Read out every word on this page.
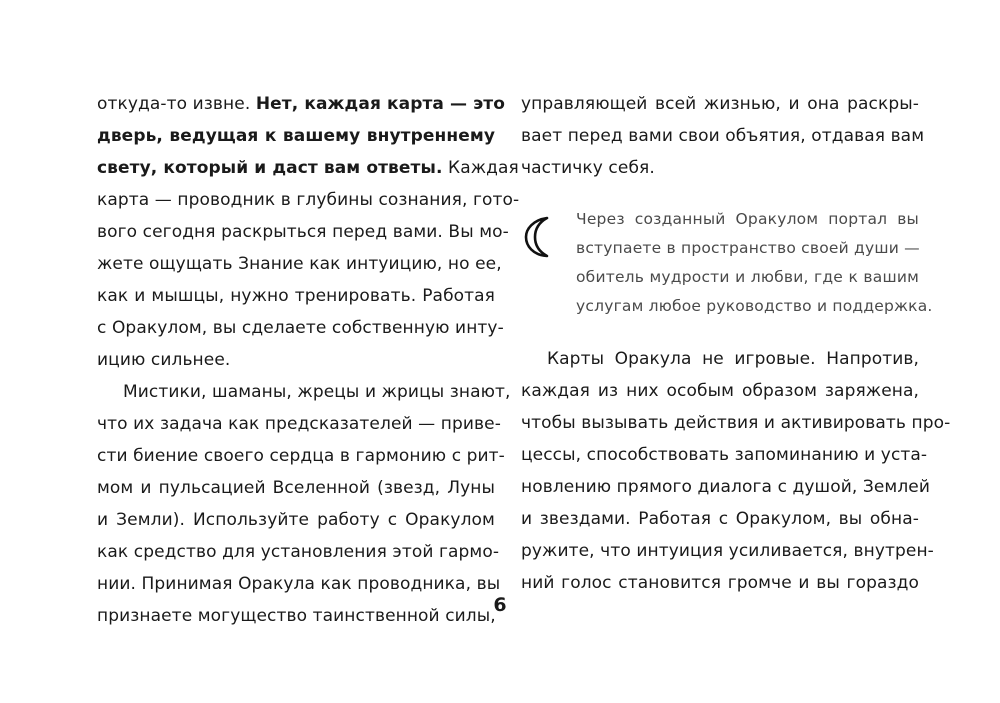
откуда-то извне. Нет, каждая карта — это
дверь, ведущая к вашему внутреннему
свету, который и даст вам ответы. Каждая
карта — проводник в глубины сознания, гото-
вого сегодня раскрыться перед вами. Вы мо-
жете ощущать Знание как интуицию, но ее,
как и мышцы, нужно тренировать. Работая
с Оракулом, вы сделаете собственную инту-
ицию сильнее.
Мистики, шаманы, жрецы и жрицы знают,
что их задача как предсказателей — приве-
сти биение своего сердца в гармонию с рит-
мом и пульсацией Вселенной (звезд, Луны
и Земли). Используйте работу с Оракулом
как средство для установления этой гармо-
нии. Принимая Оракула как проводника, вы
признаете могущество таинственной силы,
управляющей всей жизнью, и она раскры-
вает перед вами свои объятия, отдавая вам
частичку себя.
Через созданный Оракулом портал вы
вступаете в пространство своей души —
обитель мудрости и любви, где к вашим
услугам любое руководство и поддержка.
Карты Оракула не игровые. Напротив,
каждая из них особым образом заряжена,
чтобы вызывать действия и активировать про-
цессы, способствовать запоминанию и уста-
новлению прямого диалога с душой, Землей
и звездами. Работая с Оракулом, вы обна-
ружите, что интуиция усиливается, внутрен-
ний голос становится громче и вы гораздо
6
